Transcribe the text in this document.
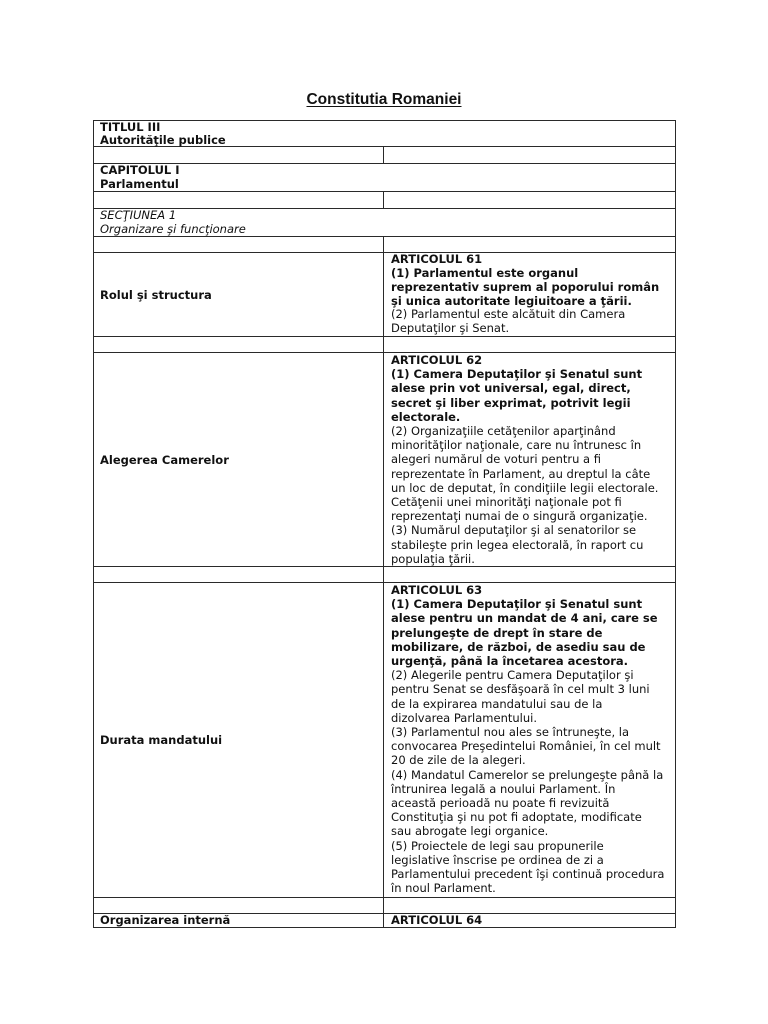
Constitutia Romaniei
TITLUL III
Autorităţile publice
CAPITOLUL I
Parlamentul
SECŢIUNEA 1
Organizare şi funcţionare
Rolul şi structura
ARTICOLUL 61
(1) Parlamentul este organul
reprezentativ suprem al poporului român
şi unica autoritate legiuitoare a ţării.
(2) Parlamentul este alcătuit din Camera
Deputaţilor şi Senat.
Alegerea Camerelor
ARTICOLUL 62
(1) Camera Deputaţilor şi Senatul sunt
alese prin vot universal, egal, direct,
secret şi liber exprimat, potrivit legii
electorale.
(2) Organizaţiile cetăţenilor aparţinând
minorităţilor naţionale, care nu întrunesc în
alegeri numărul de voturi pentru a fi
reprezentate în Parlament, au dreptul la câte
un loc de deputat, în condiţiile legii electorale.
Cetăţenii unei minorităţi naţionale pot fi
reprezentaţi numai de o singură organizaţie.
(3) Numărul deputaţilor şi al senatorilor se
stabileşte prin legea electorală, în raport cu
populaţia ţării.
Durata mandatului
ARTICOLUL 63
(1) Camera Deputaţilor şi Senatul sunt
alese pentru un mandat de 4 ani, care se
prelungeşte de drept în stare de
mobilizare, de război, de asediu sau de
urgenţă, până la încetarea acestora.
(2) Alegerile pentru Camera Deputaţilor şi
pentru Senat se desfăşoară în cel mult 3 luni
de la expirarea mandatului sau de la
dizolvarea Parlamentului.
(3) Parlamentul nou ales se întruneşte, la
convocarea Preşedintelui României, în cel mult
20 de zile de la alegeri.
(4) Mandatul Camerelor se prelungeşte până la
întrunirea legală a noului Parlament. În
această perioadă nu poate fi revizuită
Constituţia şi nu pot fi adoptate, modificate
sau abrogate legi organice.
(5) Proiectele de legi sau propunerile
legislative înscrise pe ordinea de zi a
Parlamentului precedent îşi continuă procedura
în noul Parlament.
Organizarea internă	ARTICOLUL 64
